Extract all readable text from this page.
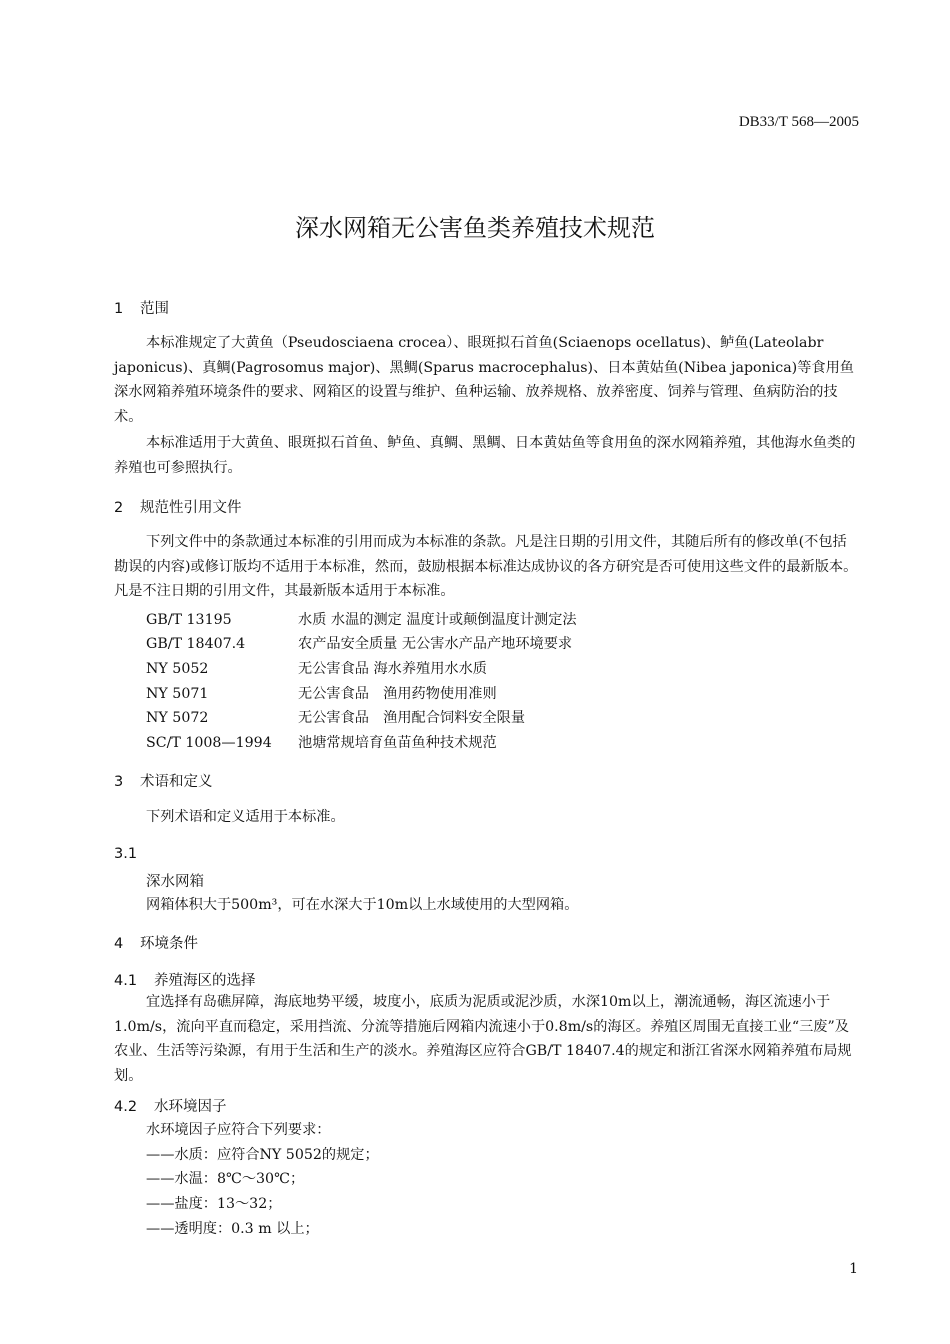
DB33/T 568—2005
深水网箱无公害鱼类养殖技术规范
1 范围
本标准规定了大黄鱼（Pseudosciaena crocea）、眼斑拟石首鱼(Sciaenops ocellatus)、鲈鱼(Lateolabr japonicus)、真鲷(Pagrosomus major)、黑鲷(Sparus macrocephalus)、日本黄姑鱼(Nibea japonica)等食用鱼深水网箱养殖环境条件的要求、网箱区的设置与维护、鱼种运输、放养规格、放养密度、饲养与管理、鱼病防治的技术。
本标准适用于大黄鱼、眼斑拟石首鱼、鲈鱼、真鲷、黑鲷、日本黄姑鱼等食用鱼的深水网箱养殖，其他海水鱼类的养殖也可参照执行。
2 规范性引用文件
下列文件中的条款通过本标准的引用而成为本标准的条款。凡是注日期的引用文件，其随后所有的修改单(不包括勘误的内容)或修订版均不适用于本标准，然而，鼓励根据本标准达成协议的各方研究是否可使用这些文件的最新版本。凡是不注日期的引用文件，其最新版本适用于本标准。
GB/T 13195	水质 水温的测定 温度计或颠倒温度计测定法
GB/T 18407.4	农产品安全质量 无公害水产品产地环境要求
NY 5052	无公害食品 海水养殖用水水质
NY 5071	无公害食品　渔用药物使用准则
NY 5072	无公害食品　渔用配合饲料安全限量
SC/T 1008—1994 池塘常规培育鱼苗鱼种技术规范
3 术语和定义
下列术语和定义适用于本标准。
3.1
深水网箱
网箱体积大于500m³，可在水深大于10m以上水域使用的大型网箱。
4 环境条件
4.1 养殖海区的选择
宜选择有岛礁屏障，海底地势平缓，坡度小，底质为泥质或泥沙质，水深10m以上，潮流通畅，海区流速小于1.0m/s，流向平直而稳定，采用挡流、分流等措施后网箱内流速小于0.8m/s的海区。养殖区周围无直接工业“三废”及农业、生活等污染源，有用于生活和生产的淡水。养殖海区应符合GB/T 18407.4的规定和浙江省深水网箱养殖布局规划。
4.2 水环境因子
水环境因子应符合下列要求：
——水质：应符合NY 5052的规定；
——水温：8℃～30℃；
——盐度：13～32；
——透明度：0.3 m 以上；
1
